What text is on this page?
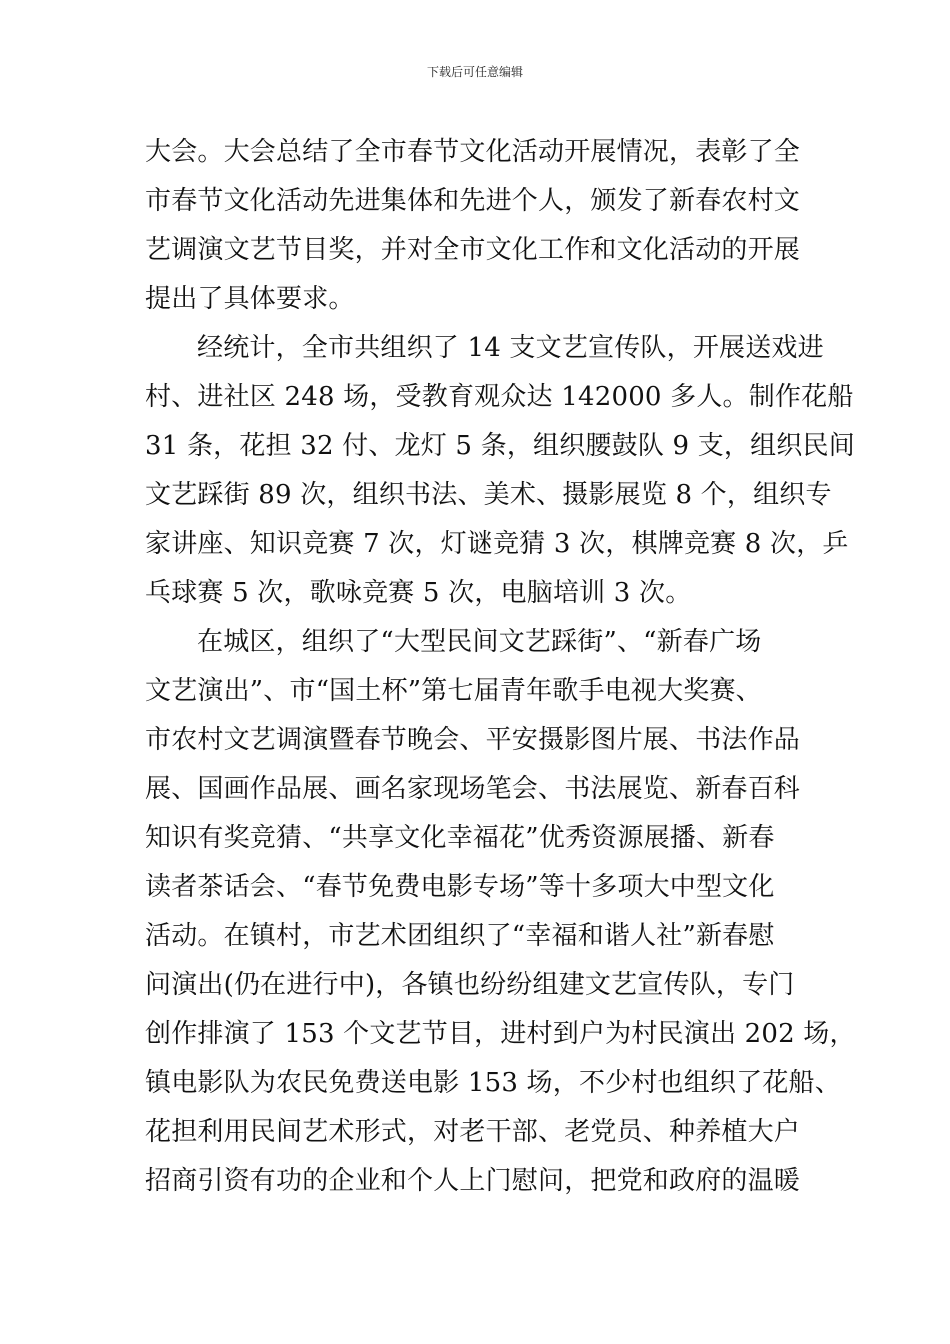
下载后可任意编辑
大会。大会总结了全市春节文化活动开展情况，表彰了全
市春节文化活动先进集体和先进个人，颁发了新春农村文
艺调演文艺节目奖，并对全市文化工作和文化活动的开展
提出了具体要求。
经统计，全市共组织了 14 支文艺宣传队，开展送戏进
村、进社区 248 场，受教育观众达 142000 多人。制作花船
31 条，花担 32 付、龙灯 5 条，组织腰鼓队 9 支，组织民间
文艺踩街 89 次，组织书法、美术、摄影展览 8 个，组织专
家讲座、知识竞赛 7 次，灯谜竞猜 3 次，棋牌竞赛 8 次，乒
乓球赛 5 次，歌咏竞赛 5 次，电脑培训 3 次。
在城区，组织了“大型民间文艺踩街”、“新春广场
文艺演出”、市“国土杯”第七届青年歌手电视大奖赛、
市农村文艺调演暨春节晚会、平安摄影图片展、书法作品
展、国画作品展、画名家现场笔会、书法展览、新春百科
知识有奖竞猜、“共享文化幸福花”优秀资源展播、新春
读者茶话会、“春节免费电影专场”等十多项大中型文化
活动。在镇村，市艺术团组织了“幸福和谐人社”新春慰
问演出(仍在进行中)，各镇也纷纷组建文艺宣传队，专门
创作排演了 153 个文艺节目，进村到户为村民演出 202 场，
镇电影队为农民免费送电影 153 场，不少村也组织了花船、
花担利用民间艺术形式，对老干部、老党员、种养植大户
招商引资有功的企业和个人上门慰问，把党和政府的温暖
